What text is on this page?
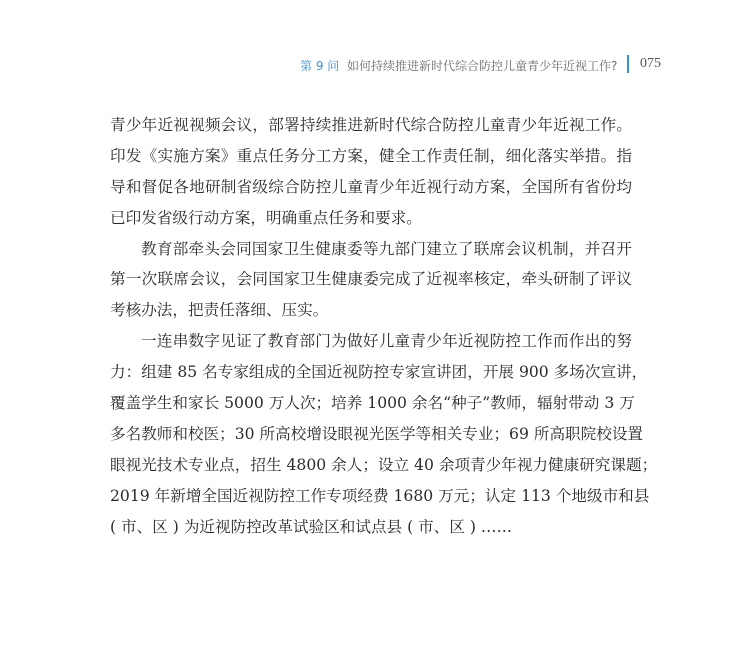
第 9 问 如何持续推进新时代综合防控儿童青少年近视工作? 075
青少年近视视频会议，部署持续推进新时代综合防控儿童青少年近视工作。
印发《实施方案》重点任务分工方案，健全工作责任制，细化落实举措。指
导和督促各地研制省级综合防控儿童青少年近视行动方案，全国所有省份均
已印发省级行动方案，明确重点任务和要求。
教育部牵头会同国家卫生健康委等九部门建立了联席会议机制，并召开
第一次联席会议，会同国家卫生健康委完成了近视率核定，牵头研制了评议
考核办法，把责任落细、压实。
一连串数字见证了教育部门为做好儿童青少年近视防控工作而作出的努
力：组建 85 名专家组成的全国近视防控专家宣讲团，开展 900 多场次宣讲，
覆盖学生和家长 5000 万人次；培养 1000 余名“种子”教师，辐射带动 3 万
多名教师和校医；30 所高校增设眼视光医学等相关专业；69 所高职院校设置
眼视光技术专业点，招生 4800 余人；设立 40 余项青少年视力健康研究课题；
2019 年新增全国近视防控工作专项经费 1680 万元；认定 113 个地级市和县
( 市、区 ) 为近视防控改革试验区和试点县 ( 市、区 ) ……
